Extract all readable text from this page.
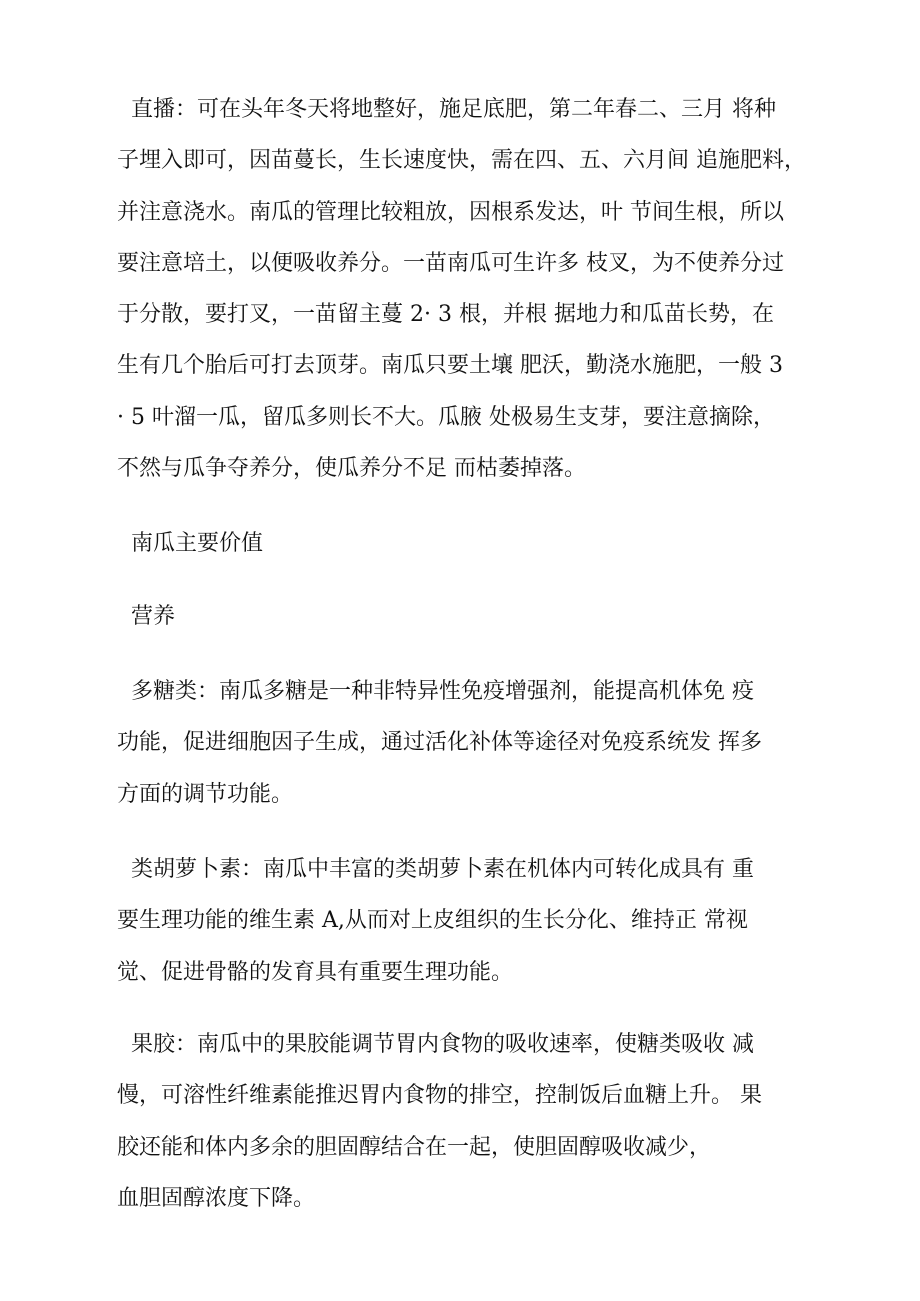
直播：可在头年冬天将地整好，施足底肥，第二年春二、三月 将种
子埋入即可，因苗蔓长，生长速度快，需在四、五、六月间 追施肥料，
并注意浇水。南瓜的管理比较粗放，因根系发达，叶 节间生根，所以
要注意培土，以便吸收养分。一苗南瓜可生许多 枝叉，为不使养分过
于分散，要打叉，一苗留主蔓 2· 3 根，并根 据地力和瓜苗长势，在
生有几个胎后可打去顶芽。南瓜只要土壤 肥沃，勤浇水施肥，一般 3
· 5 叶溜一瓜，留瓜多则长不大。瓜腋 处极易生支芽，要注意摘除，
不然与瓜争夺养分，使瓜养分不足 而枯萎掉落。
南瓜主要价值
营养
多糖类：南瓜多糖是一种非特异性免疫增强剂，能提高机体免 疫
功能，促进细胞因子生成，通过活化补体等途径对免疫系统发 挥多
方面的调节功能。
类胡萝卜素：南瓜中丰富的类胡萝卜素在机体内可转化成具有 重
要生理功能的维生素 A,从而对上皮组织的生长分化、维持正 常视
觉、促进骨骼的发育具有重要生理功能。
果胶：南瓜中的果胶能调节胃内食物的吸收速率，使糖类吸收 减
慢，可溶性纤维素能推迟胃内食物的排空，控制饭后血糖上升。 果
胶还能和体内多余的胆固醇结合在一起，使胆固醇吸收减少，
血胆固醇浓度下降。
